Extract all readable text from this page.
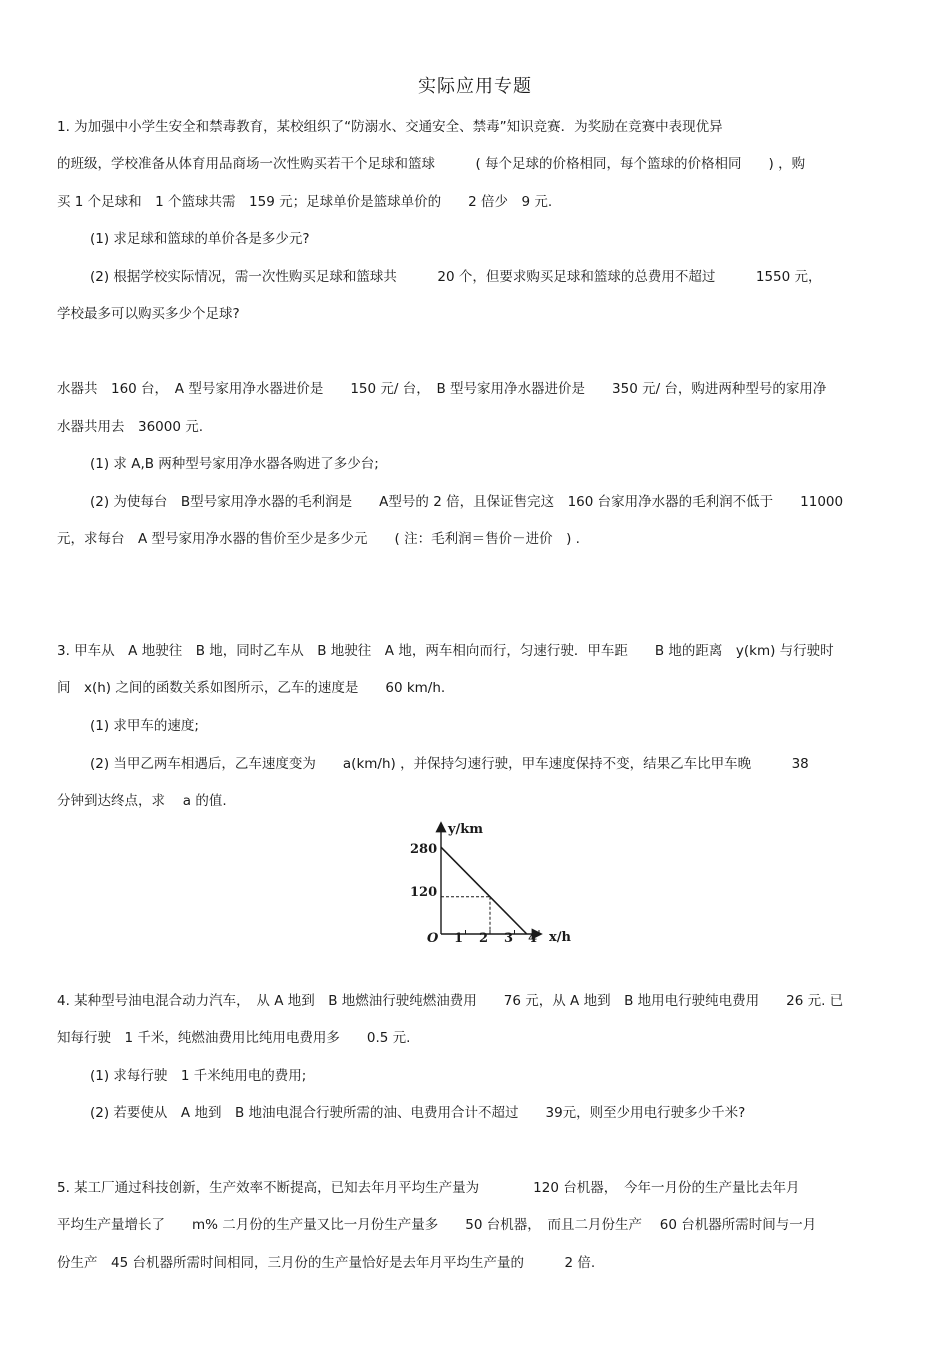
实际应用专题
1. 为加强中小学生安全和禁毒教育，某校组织了“防溺水、交通安全、禁毒”知识竞赛．为奖励在竞赛中表现优异
的班级，学校准备从体育用品商场一次性购买若干个足球和篮球　　　( 每个足球的价格相同，每个篮球的价格相同　　) ，购
买 1 个足球和　1 个篮球共需　159 元；足球单价是篮球单价的　　2 倍少　9 元.
(1) 求足球和篮球的单价各是多少元?
(2) 根据学校实际情况，需一次性购买足球和篮球共　　　20 个，但要求购买足球和篮球的总费用不超过　　　1550 元，
学校最多可以购买多少个足球?
水器共　160 台，　A 型号家用净水器进价是　　150 元/ 台，　B 型号家用净水器进价是　　350 元/ 台，购进两种型号的家用净
水器共用去　36000 元.
(1) 求 A,B 两种型号家用净水器各购进了多少台;
(2) 为使每台　B型号家用净水器的毛利润是　　A型号的 2 倍，且保证售完这　160 台家用净水器的毛利润不低于　　11000
元，求每台　A 型号家用净水器的售价至少是多少元　　( 注：毛利润＝售价－进价　) .
3. 甲车从　A 地驶往　B 地，同时乙车从　B 地驶往　A 地，两车相向而行，匀速行驶．甲车距　　B 地的距离　y(km) 与行驶时
间　x(h) 之间的函数关系如图所示，乙车的速度是　　60 km/h.
(1) 求甲车的速度;
(2) 当甲乙两车相遇后，乙车速度变为　　a(km/h) ，并保持匀速行驶，甲车速度保持不变，结果乙车比甲车晚　　　38
分钟到达终点，求　 a 的值.
y/km
x/h
O
280
120
1 2 3 4
4. 某种型号油电混合动力汽车，　从 A 地到　B 地燃油行驶纯燃油费用　　76 元，从 A 地到　B 地用电行驶纯电费用　　26 元. 已
知每行驶　1 千米，纯燃油费用比纯用电费用多　　0.5 元.
(1) 求每行驶　1 千米纯用电的费用;
(2) 若要使从　A 地到　B 地油电混合行驶所需的油、电费用合计不超过　　39元，则至少用电行驶多少千米?
5. 某工厂通过科技创新，生产效率不断提高，已知去年月平均生产量为　　　　120 台机器，　今年一月份的生产量比去年月
平均生产量增长了　　m% 二月份的生产量又比一月份生产量多　　50 台机器，　而且二月份生产　 60 台机器所需时间与一月
份生产　45 台机器所需时间相同，三月份的生产量恰好是去年月平均生产量的　　　2 倍.
